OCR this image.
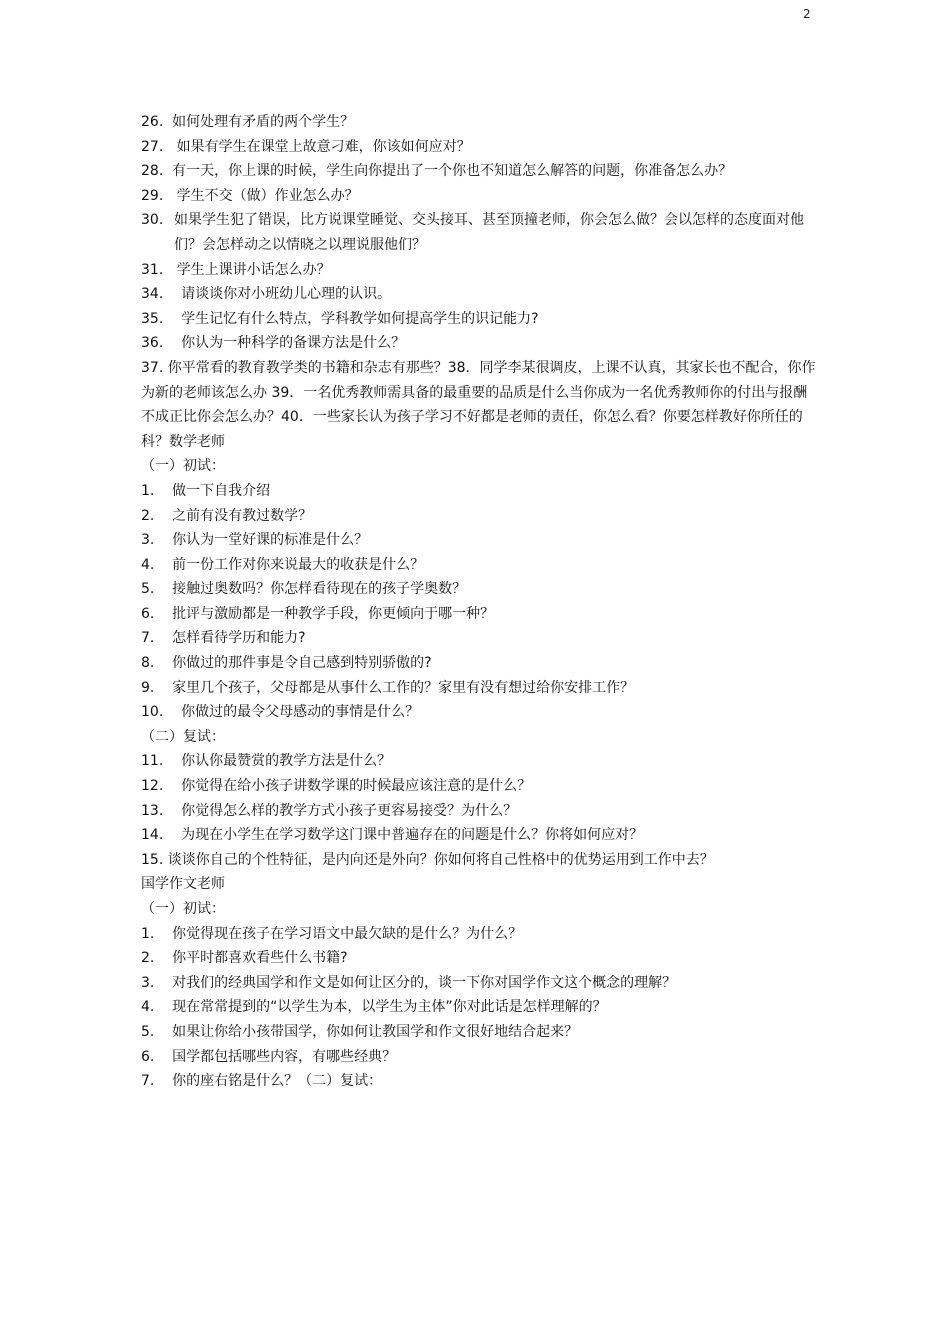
2
26. 如何处理有矛盾的两个学生？
27. 如果有学生在课堂上故意刁难，你该如何应对？
28. 有一天，你上课的时候，学生向你提出了一个你也不知道怎么解答的问题，你准备怎么办？
29. 学生不交（做）作业怎么办？
30. 如果学生犯了错误，比方说课堂睡觉、交头接耳、甚至顶撞老师，你会怎么做？会以怎样的态度面对他们？会怎样动之以情晓之以理说服他们？
31. 学生上课讲小话怎么办？
34. 请谈谈你对小班幼儿心理的认识。
35. 学生记忆有什么特点，学科教学如何提高学生的识记能力?
36. 你认为一种科学的备课方法是什么？
37. 你平常看的教育教学类的书籍和杂志有那些？38．同学李某很调皮，上课不认真，其家长也不配合，你作为新的老师该怎么办 39．一名优秀教师需具备的最重要的品质是什么当你成为一名优秀教师你的付出与报酬不成正比你会怎么办？40．一些家长认为孩子学习不好都是老师的责任，你怎么看？你要怎样教好你所任的科？数学老师
（一）初试：
1. 做一下自我介绍
2. 之前有没有教过数学？
3. 你认为一堂好课的标准是什么？
4. 前一份工作对你来说最大的收获是什么？
5. 接触过奥数吗？你怎样看待现在的孩子学奥数？
6. 批评与激励都是一种教学手段，你更倾向于哪一种？
7. 怎样看待学历和能力?
8. 你做过的那件事是令自己感到特别骄傲的?
9. 家里几个孩子，父母都是从事什么工作的？家里有没有想过给你安排工作？
10. 你做过的最令父母感动的事情是什么？
（二）复试：
11. 你认你最赞赏的教学方法是什么？
12. 你觉得在给小孩子讲数学课的时候最应该注意的是什么？
13. 你觉得怎么样的教学方式小孩子更容易接受？为什么？
14. 为现在小学生在学习数学这门课中普遍存在的问题是什么？你将如何应对？
15. 谈谈你自己的个性特征，是内向还是外向？你如何将自己性格中的优势运用到工作中去？
国学作文老师
（一）初试：
1. 你觉得现在孩子在学习语文中最欠缺的是什么？为什么？
2. 你平时都喜欢看些什么书籍?
3. 对我们的经典国学和作文是如何让区分的，谈一下你对国学作文这个概念的理解？
4. 现在常常提到的“以学生为本，以学生为主体”你对此话是怎样理解的？
5. 如果让你给小孩带国学，你如何让教国学和作文很好地结合起来？
6. 国学都包括哪些内容，有哪些经典？
7. 你的座右铭是什么？（二）复试：
